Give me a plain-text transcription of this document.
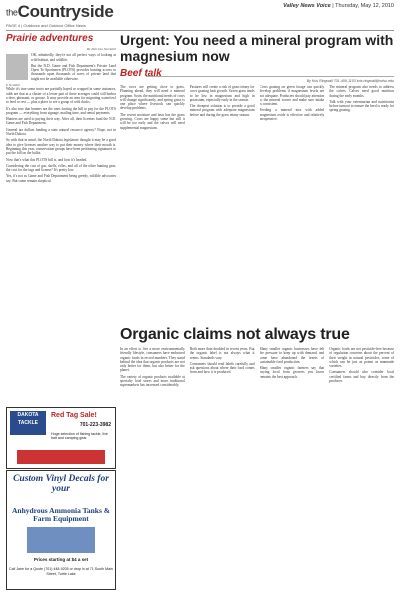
theCountryside	Valley News Voice | Thursday, May 12, 2010
PAGE 4 | Outdoors and Outdoor Office News
Prairie adventures
By Patricia Stockhill

OK, admittedly, they're not all perfect ways of looking at wild habitat, and wildlife.

But the N.D. Game and Fish Department's Private Land Open To Sportsmen (PLOTS) provides hunting access to thousands upon thousands of acres of private land that might not be available otherwise.

P. Stockhill

While it's true some tracts are partially hayed or cropped in some instances, odds are that at a cluster of a lesser part of these acreages could still harbor a deer, pheasant, or grouse. It may provide an area for migrating waterfowl to feed or rest — plus a place to see a group of wild ducks.

It's also true that hunters are the ones footing the bill to pay for the PLOTS program — everything from signage, mailing time, and rental payments.

Hunters are used to paying their way. After all, their licenses fund the N.D. Game and Fish Department.

General tax dollars funding a state natural resource agency? Nope, not in North Dakota.

So with that in mind, the North Dakota legislature thought it may be a good idea to give licenses another way to put their money where their mouth is. Beginning this year, conservation groups have been petitioning signatures to put the bill on the ballot.

Now that's what this PLOTS bill is, and how it's headed.

Considering the cost of gas, shells, rifles, and all of the other hunting gear, the cost for the tags and license? It's pretty low.

Yes, it's not as Game and Fish Department being greedy, wildlife advocates say. But some remain skeptical.

DAKOTA TACKLE
Red Tag Sale!
701-223-3982
Huge selection of fishing tackle, live bait and camping gear.
Custom Vinyl Decals for your
Anhydrous Ammonia Tanks & Farm Equipment
Prices starting at $4 a set
Call Jane for a Quote (701) 448-9205 or drop in at 71 South Main Street, Turtle Lake
Urgent: You need a mineral program with magnesium now
Beef talk
By Kris Ringwall 701-456-1103 kris.ringwall@ndsu.edu

The cows are getting close to grass. Planning ahead, they will need a mineral program. Soon, the nutritional needs of cows will change significantly, and spring grass is one place where livestock can quickly develop problems.

The recent moisture and heat has the grass growing. Cows are happy some but still it will be too early and the calves will need supplemental magnesium.

Pastures will create a risk of grass tetany for cows grazing lush growth. Green grass tends to be low in magnesium and high in potassium, especially early in the season.

The cheapest solution is to provide a good mineral program with adequate magnesium before and during the grass tetany season.

Cows grazing on green forage can quickly develop problems if magnesium levels are not adequate. Producers should pay attention to the mineral source and make sure intake is consistent.

Feeding a mineral mix with added magnesium oxide is effective and relatively inexpensive.

The mineral program also needs to address the calves. Calves need good nutrition during the early months.

Talk with your veterinarian and nutritionist before turnout to ensure the herd is ready for spring grazing.

Organic claims not always true

In an effort to live a more environmentally friendly lifestyle, consumers have embraced organic foods in record numbers. They stand behind the idea that organic products are not only better for them, but also better for the planet.

The variety of organic products available at specialty food stores and more traditional supermarkets has increased considerably.

Both more than doubled in recent years. But the organic label is not always what it seems. Standards vary.

Consumers should read labels carefully and ask questions about where their food comes from and how it is produced.

Many smaller organic businesses have felt the pressure to keep up with demand, and some have abandoned the tenets of sustainable food production.

Many smaller organic farmers say that buying local from growers you know remains the best approach.

Organic foods are not pesticide-free because of regulation concerns about the percent of their weight in natural pesticides, some of which can be just as potent as manmade varieties.

Consumers should also consider local certified farms and buy directly from the producer.
